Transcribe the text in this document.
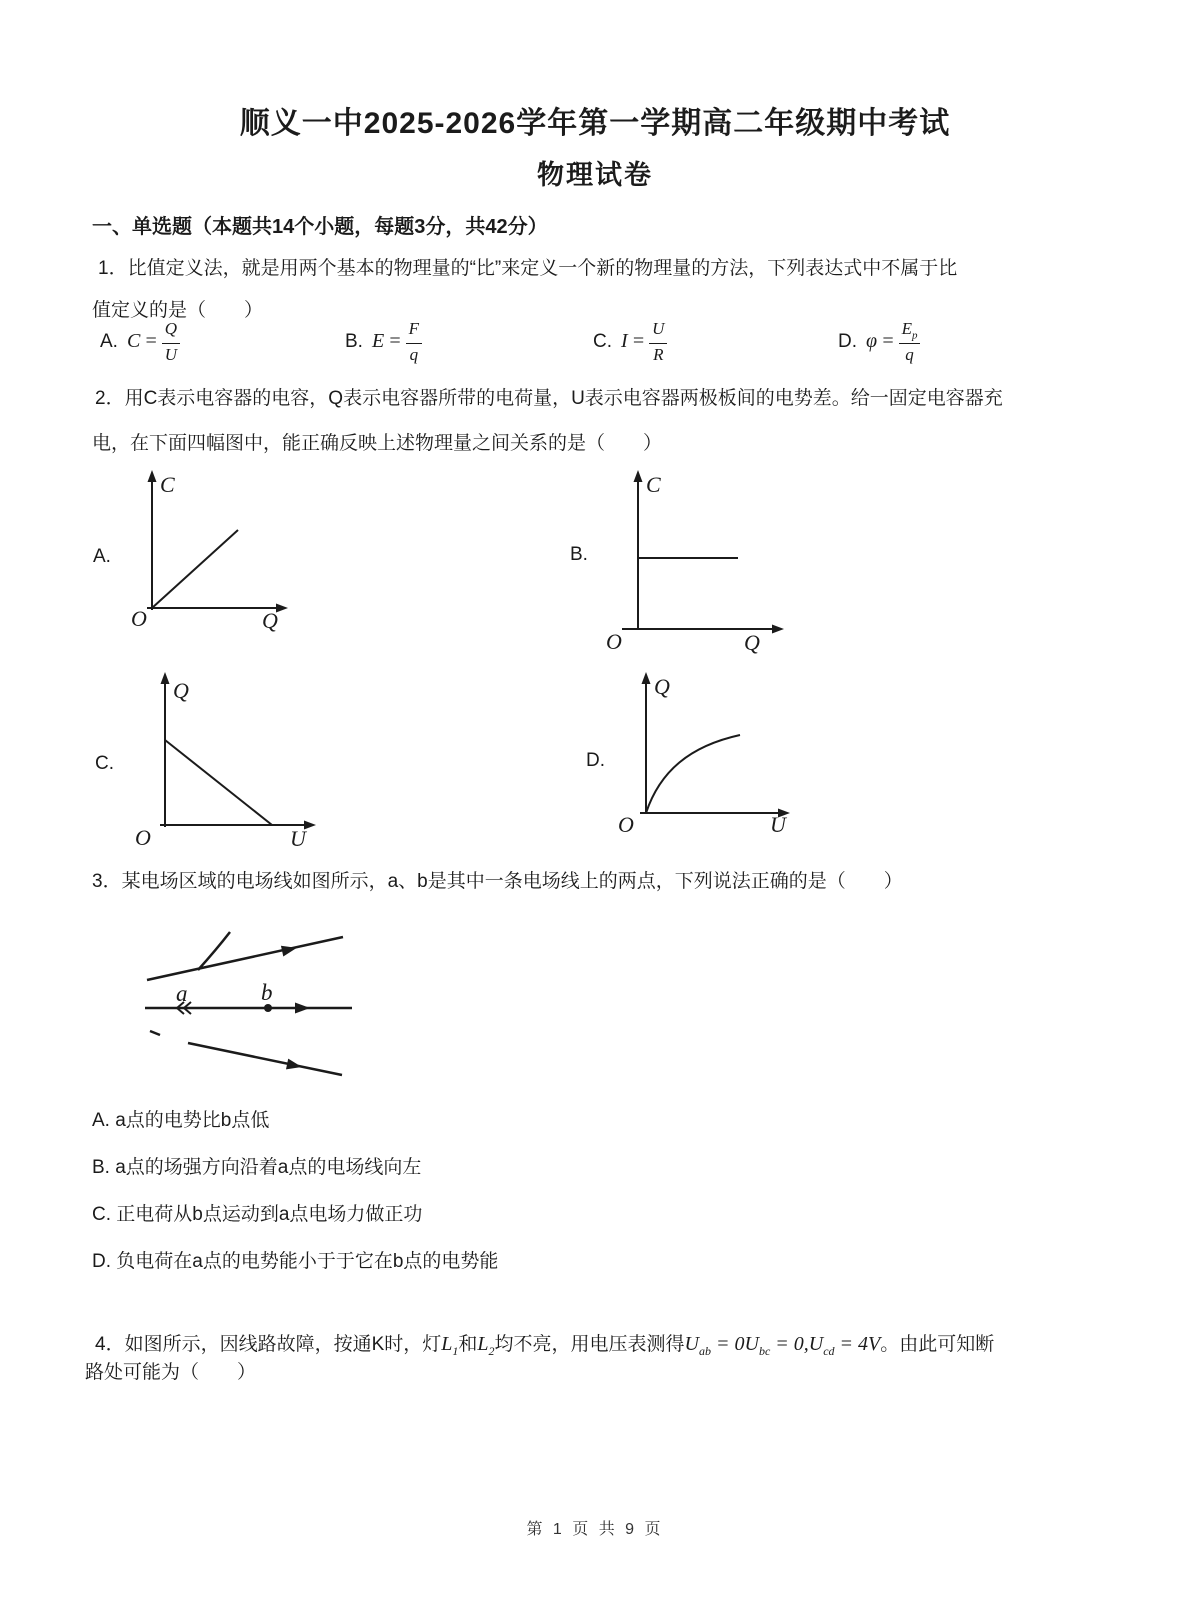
顺义一中2025-2026学年第一学期高二年级期中考试
物理试卷
一、单选题（本题共14个小题，每题3分，共42分）
1．比值定义法，就是用两个基本的物理量的“比”来定义一个新的物理量的方法，下列表达式中不属于比
值定义的是（　　）
A. $C = \frac{Q}{U}$	B. $E = \frac{F}{q}$	C. $I = \frac{U}{R}$	D. $\varphi = \frac{E_p}{q}$
2．用C表示电容器的电容，Q表示电容器所带的电荷量，U表示电容器两极板间的电势差。给一固定电容器充
电，在下面四幅图中，能正确反映上述物理量之间关系的是（　　）
A.
C
Q
O
B.
C
Q
O
C.
Q
U
O
D.
Q
U
O
3．某电场区域的电场线如图所示，a、b是其中一条电场线上的两点，下列说法正确的是（　　）
a	b
A. a点的电势比b点低
B. a点的场强方向沿着a点的电场线向左
C. 正电荷从b点运动到a点电场力做正功
D. 负电荷在a点的电势能小于于它在b点的电势能
4．如图所示，因线路故障，按通K时，灯$L_1$和$L_2$均不亮，用电压表测得$U_{ab} = 0U_{bc} = 0,U_{cd} = 4V$。由此可知断
路处可能为（　　）
第 1 页 共 9 页
